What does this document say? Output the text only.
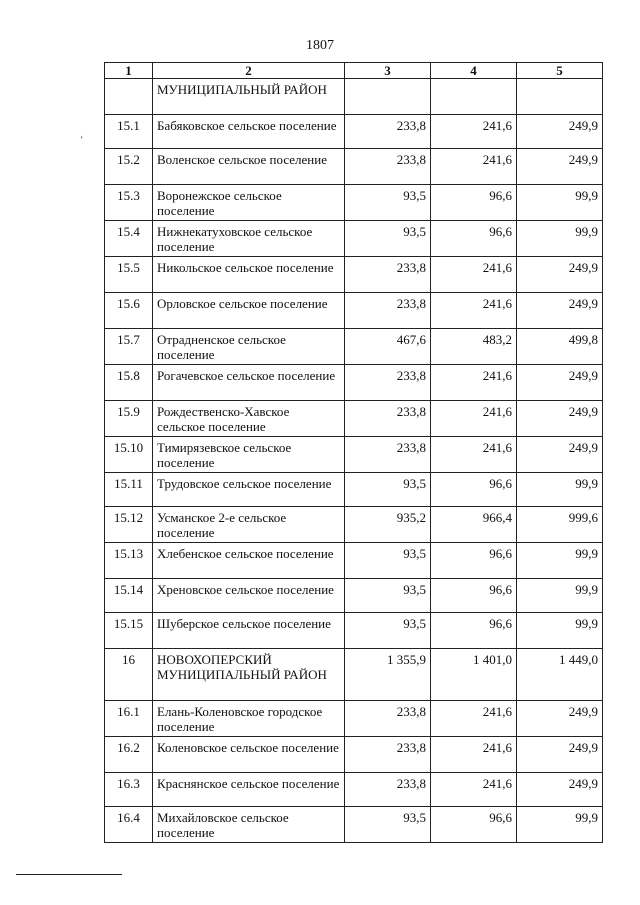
1807
‘
1	2	3	4	5
	МУНИЦИПАЛЬНЫЙ РАЙОН			
15.1	Бабяковское сельское поселение	233,8	241,6	249,9
15.2	Воленское сельское поселение	233,8	241,6	249,9
15.3	Воронежское сельское поселение	93,5	96,6	99,9
15.4	Нижнекатуховское сельское поселение	93,5	96,6	99,9
15.5	Никольское сельское поселение	233,8	241,6	249,9
15.6	Орловское сельское поселение	233,8	241,6	249,9
15.7	Отрадненское сельское поселение	467,6	483,2	499,8
15.8	Рогачевское сельское поселение	233,8	241,6	249,9
15.9	Рождественско-Хавское сельское поселение	233,8	241,6	249,9
15.10	Тимирязевское сельское поселение	233,8	241,6	249,9
15.11	Трудовское сельское поселение	93,5	96,6	99,9
15.12	Усманское 2-е сельское поселение	935,2	966,4	999,6
15.13	Хлебенское сельское поселение	93,5	96,6	99,9
15.14	Хреновское сельское поселение	93,5	96,6	99,9
15.15	Шуберское сельское поселение	93,5	96,6	99,9
16	НОВОХОПЕРСКИЙ МУНИЦИПАЛЬНЫЙ РАЙОН	1 355,9	1 401,0	1 449,0
16.1	Елань-Коленовское городское поселение	233,8	241,6	249,9
16.2	Коленовское сельское поселение	233,8	241,6	249,9
16.3	Краснянское сельское поселение	233,8	241,6	249,9
16.4	Михайловское сельское поселение	93,5	96,6	99,9
